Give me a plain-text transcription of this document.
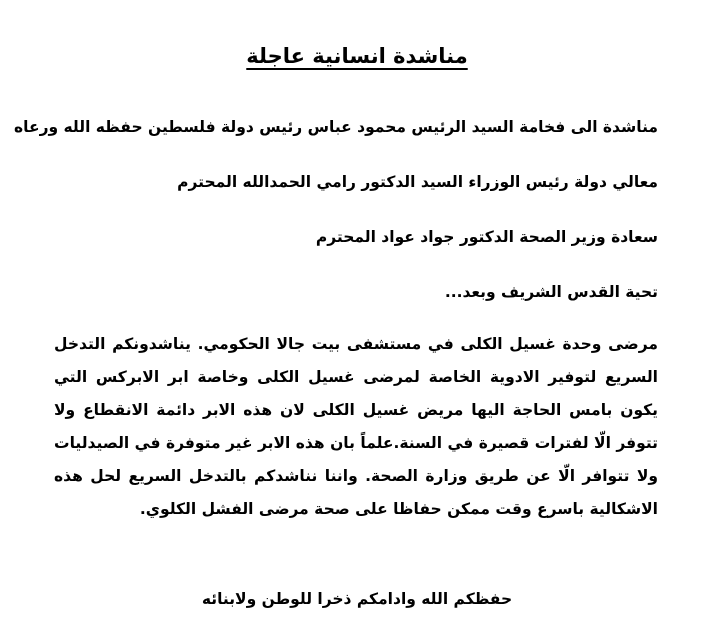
مناشدة انسانية عاجلة

مناشدة الى فخامة السيد الرئيس محمود عباس رئيس دولة فلسطين حفظه الله ورعاه

معالي دولة رئيس الوزراء السيد الدكتور رامي الحمدالله المحترم

سعادة وزير الصحة الدكتور جواد عواد المحترم

تحية القدس الشريف وبعد...

مرضى وحدة غسيل الكلى في مستشفى بيت جالا الحكومي. يناشدونكم التدخل السريع لتوفير الادوية الخاصة لمرضى غسيل الكلى وخاصة ابر الابركس التي يكون بامس الحاجة اليها مريض غسيل الكلى لان هذه الابر دائمة الانقطاع ولا تتوفر الّا لفترات قصيرة في السنة.علماً بان هذه الابر غير متوفرة في الصيدليات ولا تتوافر الّا عن طريق وزارة الصحة. واننا نناشدكم بالتدخل السريع لحل هذه الاشكالية باسرع وقت ممكن حفاظا على صحة مرضى الفشل الكلوي.

حفظكم الله وادامكم ذخرا للوطن ولابنائه
